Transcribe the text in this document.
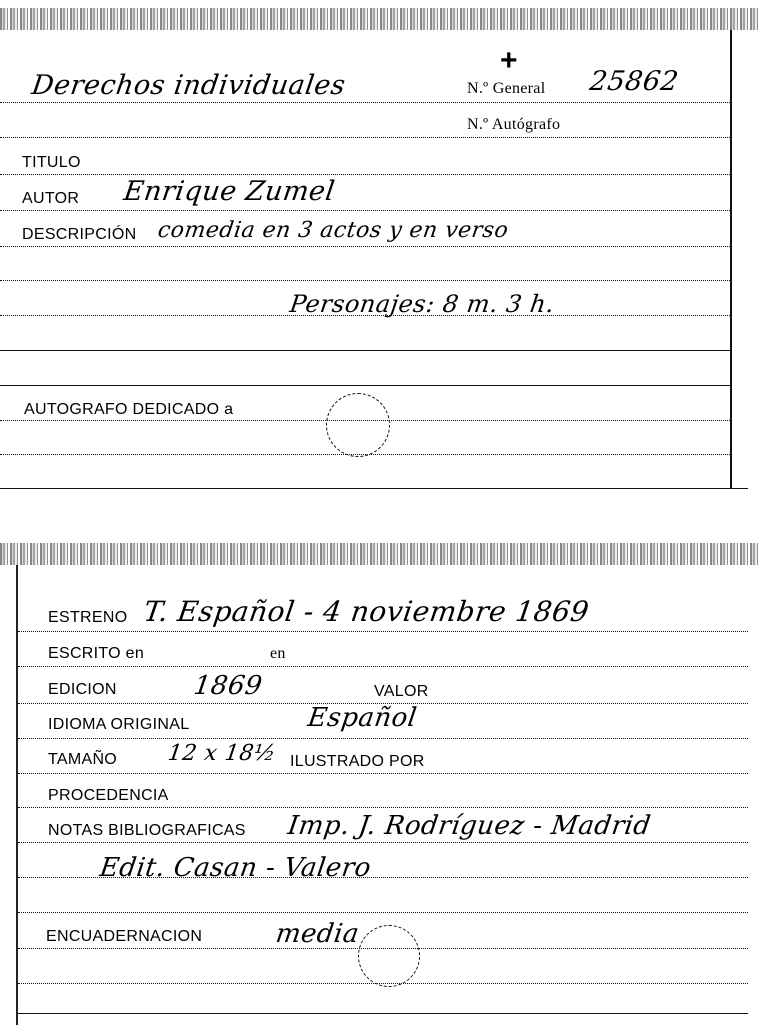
Derechos individuales
+
N.º General 25862
N.º Autógrafo
TITULO
AUTOR Enrique Zumel
DESCRIPCIÓN comedia en 3 actos y en verso
Personajes: 8 m. 3 h.
AUTOGRAFO DEDICADO a
ESTRENO T. Español - 4 noviembre 1869
ESCRITO en	en
EDICION	1869	VALOR
IDIOMA ORIGINAL	Español
TAMAÑO 12 x 18½ ILUSTRADO POR
PROCEDENCIA
NOTAS BIBLIOGRAFICAS Imp. J. Rodríguez - Madrid
Edit. Casan - Valero
ENCUADERNACION	media
